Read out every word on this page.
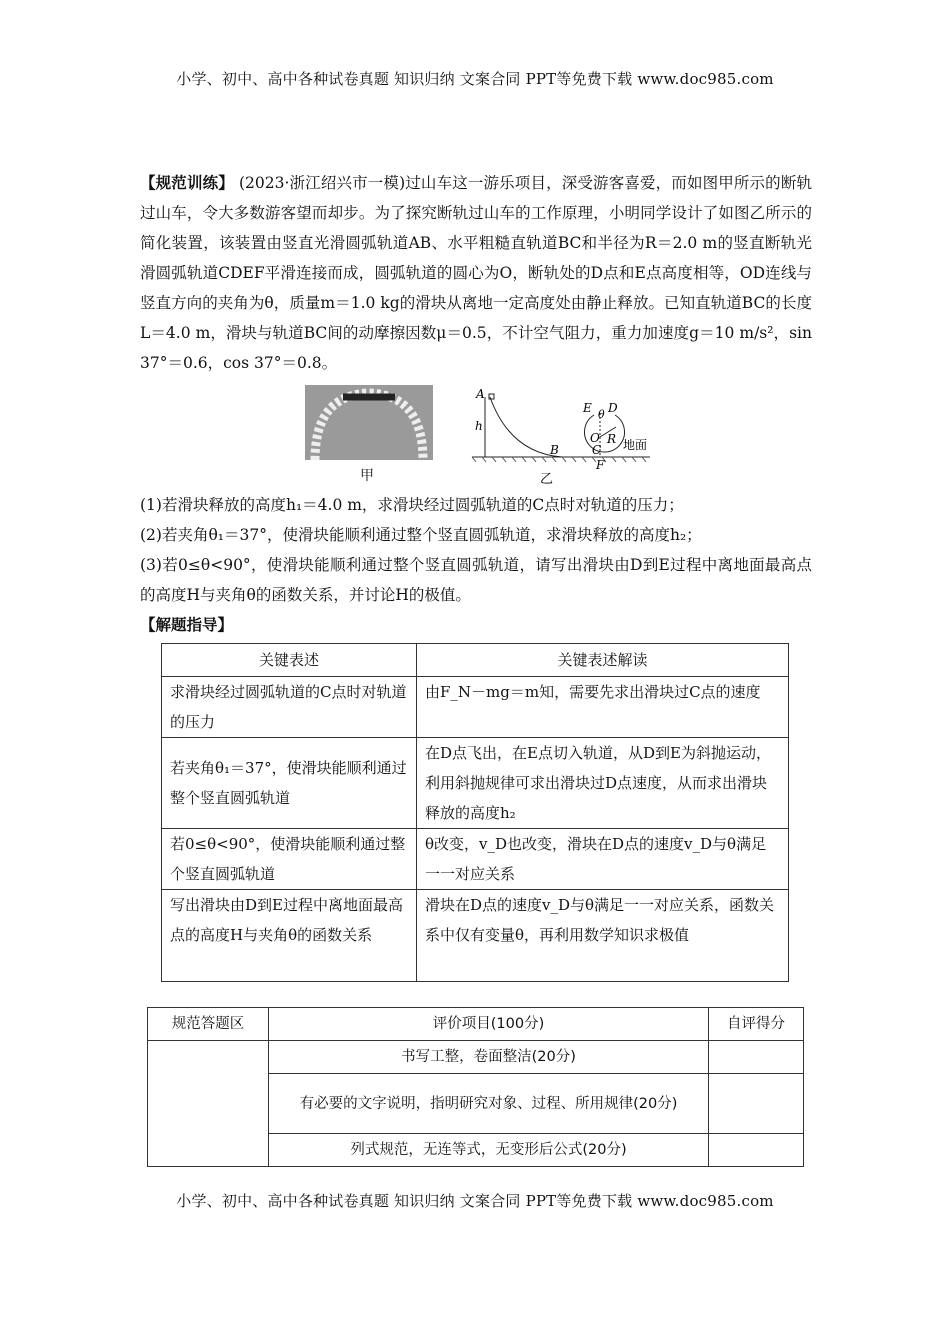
小学、初中、高中各种试卷真题 知识归纳 文案合同 PPT等免费下载 www.doc985.com
【规范训练】 (2023·浙江绍兴市一模)过山车这一游乐项目，深受游客喜爱，而如图甲所示的断轨过山车，令大多数游客望而却步。为了探究断轨过山车的工作原理，小明同学设计了如图乙所示的简化装置，该装置由竖直光滑圆弧轨道AB、水平粗糙直轨道BC和半径为R＝2.0 m的竖直断轨光滑圆弧轨道CDEF平滑连接而成，圆弧轨道的圆心为O，断轨处的D点和E点高度相等，OD连线与竖直方向的夹角为θ，质量m＝1.0 kg的滑块从离地一定高度处由静止释放。已知直轨道BC的长度L＝4.0 m，滑块与轨道BC间的动摩擦因数μ＝0.5，不计空气阻力，重力加速度g＝10 m/s²，sin 37°＝0.6，cos 37°＝0.8。
甲
A
h
B
E D
θ
O R
C
F
地面
乙
(1)若滑块释放的高度h₁＝4.0 m，求滑块经过圆弧轨道的C点时对轨道的压力；
(2)若夹角θ₁＝37°，使滑块能顺利通过整个竖直圆弧轨道，求滑块释放的高度h₂；
(3)若0≤θ<90°，使滑块能顺利通过整个竖直圆弧轨道，请写出滑块由D到E过程中离地面最高点的高度H与夹角θ的函数关系，并讨论H的极值。
【解题指导】
关键表述	关键表述解读
求滑块经过圆弧轨道的C点时对轨道的压力	由F_N－mg＝m知，需要先求出滑块过C点的速度
若夹角θ₁＝37°，使滑块能顺利通过整个竖直圆弧轨道	在D点飞出，在E点切入轨道，从D到E为斜抛运动，利用斜抛规律可求出滑块过D点速度，从而求出滑块释放的高度h₂
若0≤θ<90°，使滑块能顺利通过整个竖直圆弧轨道	θ改变，v_D也改变，滑块在D点的速度v_D与θ满足一一对应关系
写出滑块由D到E过程中离地面最高点的高度H与夹角θ的函数关系	滑块在D点的速度v_D与θ满足一一对应关系，函数关系中仅有变量θ，再利用数学知识求极值
规范答题区	评价项目(100分)	自评得分
	书写工整，卷面整洁(20分)	
	有必要的文字说明，指明研究对象、过程、所用规律(20分)	
	列式规范，无连等式，无变形后公式(20分)	
小学、初中、高中各种试卷真题 知识归纳 文案合同 PPT等免费下载 www.doc985.com
